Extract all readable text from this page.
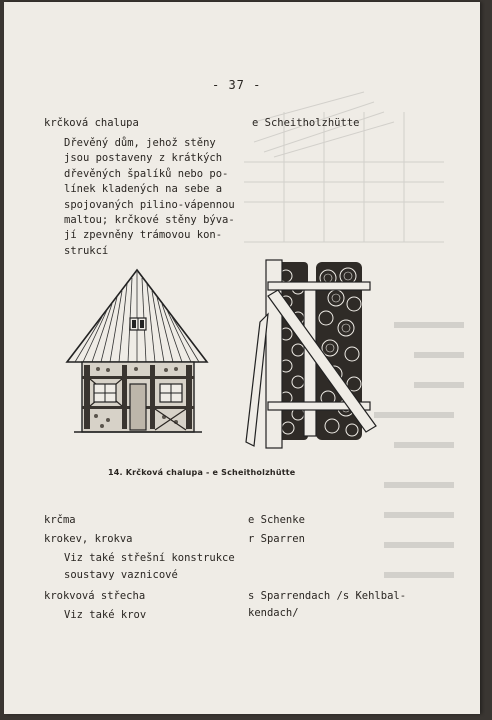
- 37 -
krčková chalupa	e Scheitholzhütte
Dřevěný dům, jehož stěny
jsou postaveny z krátkých
dřevěných špalíků nebo po-
línek kladených na sebe a
spojovaných pilino-vápennou
maltou; krčkové stěny býva-
jí zpevněny trámovou kon-
strukcí
14. Krčková chalupa - e Scheitholzhütte
krčma	e Schenke
krokev, krokva	r Sparren
Viz také střešní konstrukce
soustavy vaznicové
krokvová střecha	s Sparrendach /s Kehlbal-
kendach/
Viz také krov
